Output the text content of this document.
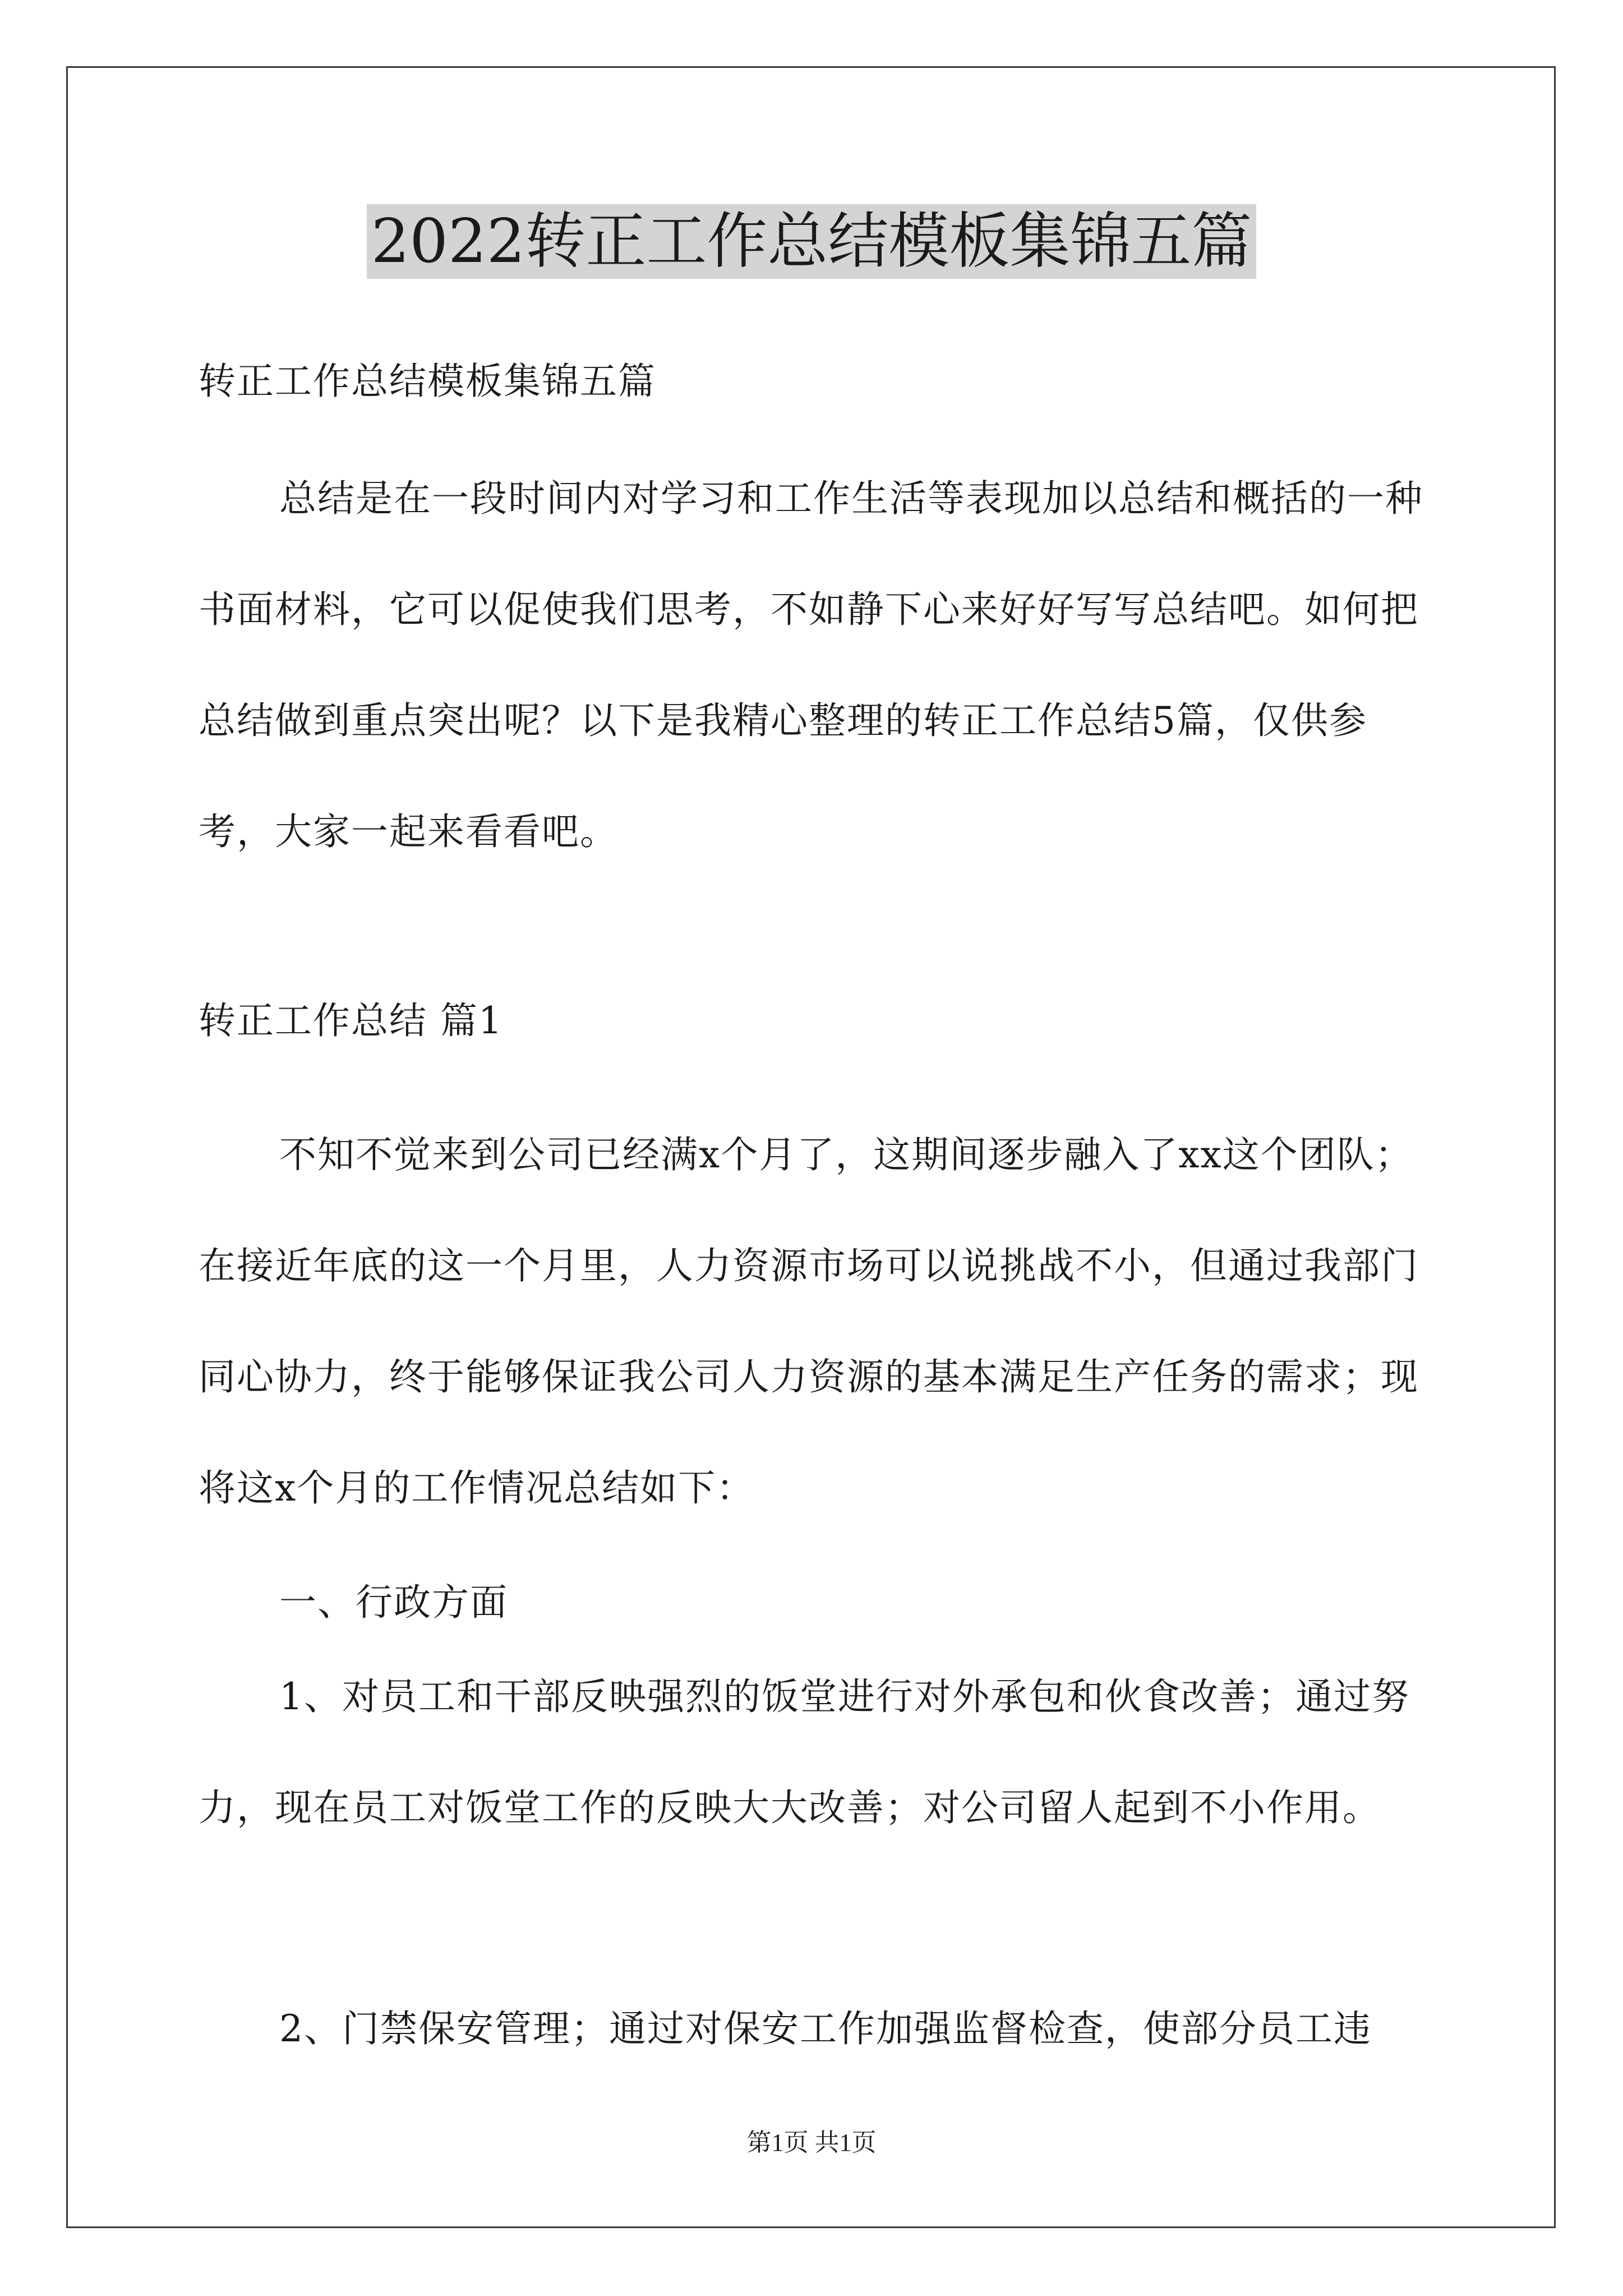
2022转正工作总结模板集锦五篇

转正工作总结模板集锦五篇

总结是在一段时间内对学习和工作生活等表现加以总结和概括的一种书面材料，它可以促使我们思考，不如静下心来好好写写总结吧。如何把总结做到重点突出呢？以下是我精心整理的转正工作总结5篇，仅供参考，大家一起来看看吧。

转正工作总结 篇1

不知不觉来到公司已经满x个月了，这期间逐步融入了xx这个团队；在接近年底的这一个月里，人力资源市场可以说挑战不小，但通过我部门同心协力，终于能够保证我公司人力资源的基本满足生产任务的需求；现将这x个月的工作情况总结如下：

一、行政方面

1、对员工和干部反映强烈的饭堂进行对外承包和伙食改善；通过努力，现在员工对饭堂工作的反映大大改善；对公司留人起到不小作用。

2、门禁保安管理；通过对保安工作加强监督检查，使部分员工违

第1页 共1页
